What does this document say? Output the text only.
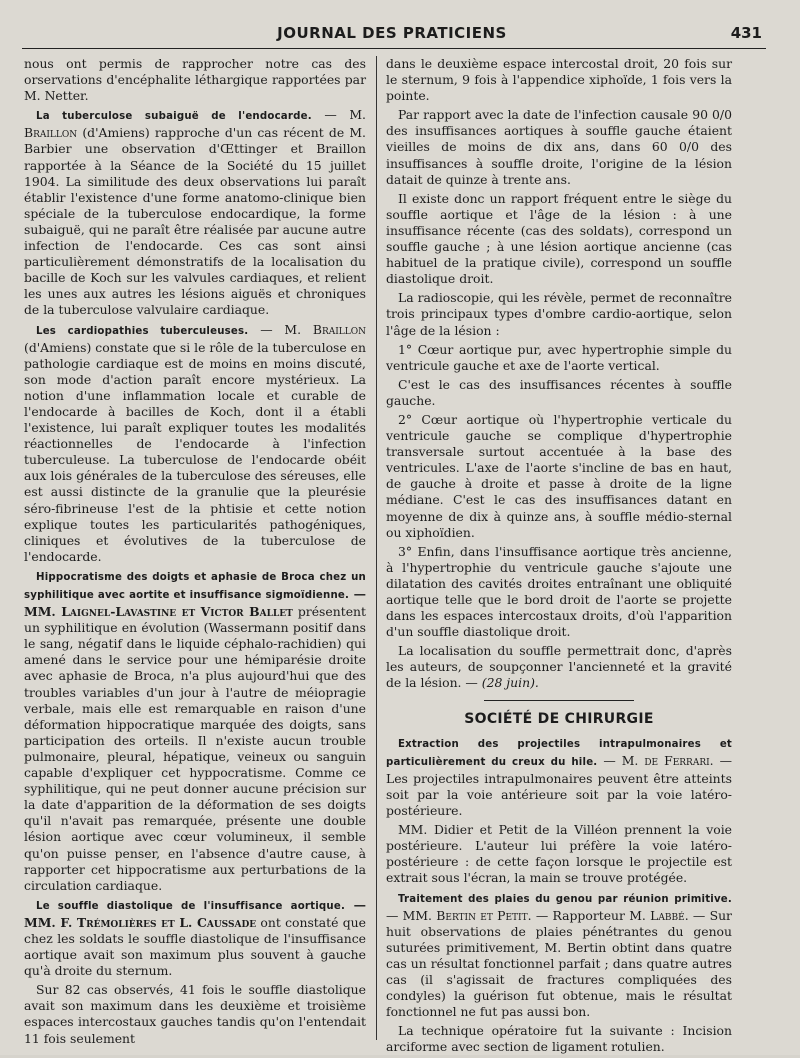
JOURNAL DES PRATICIENS	431

nous ont permis de rapprocher notre cas des orservations d'encéphalite léthargique rapportées par M. Netter.

La tuberculose subaiguë de l'endocarde. — M. Braillon (d'Amiens) rapproche d'un cas récent de M. Barbier une observation d'Œttinger et Braillon rapportée à la Séance de la Société du 15 juillet 1904. La similitude des deux observations lui paraît établir l'existence d'une forme anatomo-clinique bien spéciale de la tuberculose endocardique, la forme subaiguë, qui ne paraît être réalisée par aucune autre infection de l'endocarde. Ces cas sont ainsi particulièrement démonstratifs de la localisation du bacille de Koch sur les valvules cardiaques, et relient les unes aux autres les lésions aiguës et chroniques de la tuberculose valvulaire cardiaque.

Les cardiopathies tuberculeuses. — M. Braillon (d'Amiens) constate que si le rôle de la tuberculose en pathologie cardiaque est de moins en moins discuté, son mode d'action paraît encore mystérieux. La notion d'une inflammation locale et curable de l'endocarde à bacilles de Koch, dont il a établi l'existence, lui paraît expliquer toutes les modalités réactionnelles de l'endocarde à l'infection tuberculeuse. La tuberculose de l'endocarde obéit aux lois générales de la tuberculose des séreuses, elle est aussi distincte de la granulie que la pleurésie séro-fibrineuse l'est de la phtisie et cette notion explique toutes les particularités pathogéniques, cliniques et évolutives de la tuberculose de l'endocarde.

Hippocratisme des doigts et aphasie de Broca chez un syphilitique avec aortite et insuffisance sigmoïdienne. — MM. Laignel-Lavastine et Victor Ballet présentent un syphilitique en évolution (Wassermann positif dans le sang, négatif dans le liquide céphalo-rachidien) qui amené dans le service pour une hémiparésie droite avec aphasie de Broca, n'a plus aujourd'hui que des troubles variables d'un jour à l'autre de méiopragie verbale, mais elle est remarquable en raison d'une déformation hippocratique marquée des doigts, sans participation des orteils. Il n'existe aucun trouble pulmonaire, pleural, hépatique, veineux ou sanguin capable d'expliquer cet hyppocratisme. Comme ce syphilitique, qui ne peut donner aucune précision sur la date d'apparition de la déformation de ses doigts qu'il n'avait pas remarquée, présente une double lésion aortique avec cœur volumineux, il semble qu'on puisse penser, en l'absence d'autre cause, à rapporter cet hippocratisme aux perturbations de la circulation cardiaque.

Le souffle diastolique de l'insuffisance aortique. — MM. F. Trémolières et L. Caussade ont constaté que chez les soldats le souffle diastolique de l'insuffisance aortique avait son maximum plus souvent à gauche qu'à droite du sternum.

Sur 82 cas observés, 41 fois le souffle diastolique avait son maximum dans les deuxième et troisième espaces intercostaux gauches tandis qu'on l'entendait 11 fois seulement

dans le deuxième espace intercostal droit, 20 fois sur le sternum, 9 fois à l'appendice xiphoïde, 1 fois vers la pointe.

Par rapport avec la date de l'infection causale 90 0/0 des insuffisances aortiques à souffle gauche étaient vieilles de moins de dix ans, dans 60 0/0 des insuffisances à souffle droite, l'origine de la lésion datait de quinze à trente ans.

Il existe donc un rapport fréquent entre le siège du souffle aortique et l'âge de la lésion : à une insuffisance récente (cas des soldats), correspond un souffle gauche ; à une lésion aortique ancienne (cas habituel de la pratique civile), correspond un souffle diastolique droit.

La radioscopie, qui les révèle, permet de reconnaître trois principaux types d'ombre cardio-aortique, selon l'âge de la lésion :

1° Cœur aortique pur, avec hypertrophie simple du ventricule gauche et axe de l'aorte vertical.

C'est le cas des insuffisances récentes à souffle gauche.

2° Cœur aortique où l'hypertrophie verticale du ventricule gauche se complique d'hypertrophie transversale surtout accentuée à la base des ventricules. L'axe de l'aorte s'incline de bas en haut, de gauche à droite et passe à droite de la ligne médiane. C'est le cas des insuffisances datant en moyenne de dix à quinze ans, à souffle médio-sternal ou xiphoïdien.

3° Enfin, dans l'insuffisance aortique très ancienne, à l'hypertrophie du ventricule gauche s'ajoute une dilatation des cavités droites entraînant une obliquité aortique telle que le bord droit de l'aorte se projette dans les espaces intercostaux droits, d'où l'apparition d'un souffle diastolique droit.

La localisation du souffle permettrait donc, d'après les auteurs, de soupçonner l'ancienneté et la gravité de la lésion. — (28 juin).

SOCIÉTÉ DE CHIRURGIE

Extraction des projectiles intrapulmonaires et particulièrement du creux du hile. — M. de Ferrari. — Les projectiles intrapulmonaires peuvent être atteints soit par la voie antérieure soit par la voie latéro-postérieure.

MM. Didier et Petit de la Villéon prennent la voie postérieure. L'auteur lui préfère la voie latéro-postérieure : de cette façon lorsque le projectile est extrait sous l'écran, la main se trouve protégée.

Traitement des plaies du genou par réunion primitive. — MM. Bertin et Petit. — Rapporteur M. Labbé. — Sur huit observations de plaies pénétrantes du genou suturées primitivement, M. Bertin obtint dans quatre cas un résultat fonctionnel parfait ; dans quatre autres cas (il s'agissait de fractures compliquées des condyles) la guérison fut obtenue, mais le résultat fonctionnel ne fut pas aussi bon.

La technique opératoire fut la suivante : Incision arciforme avec section de ligament rotulien.
